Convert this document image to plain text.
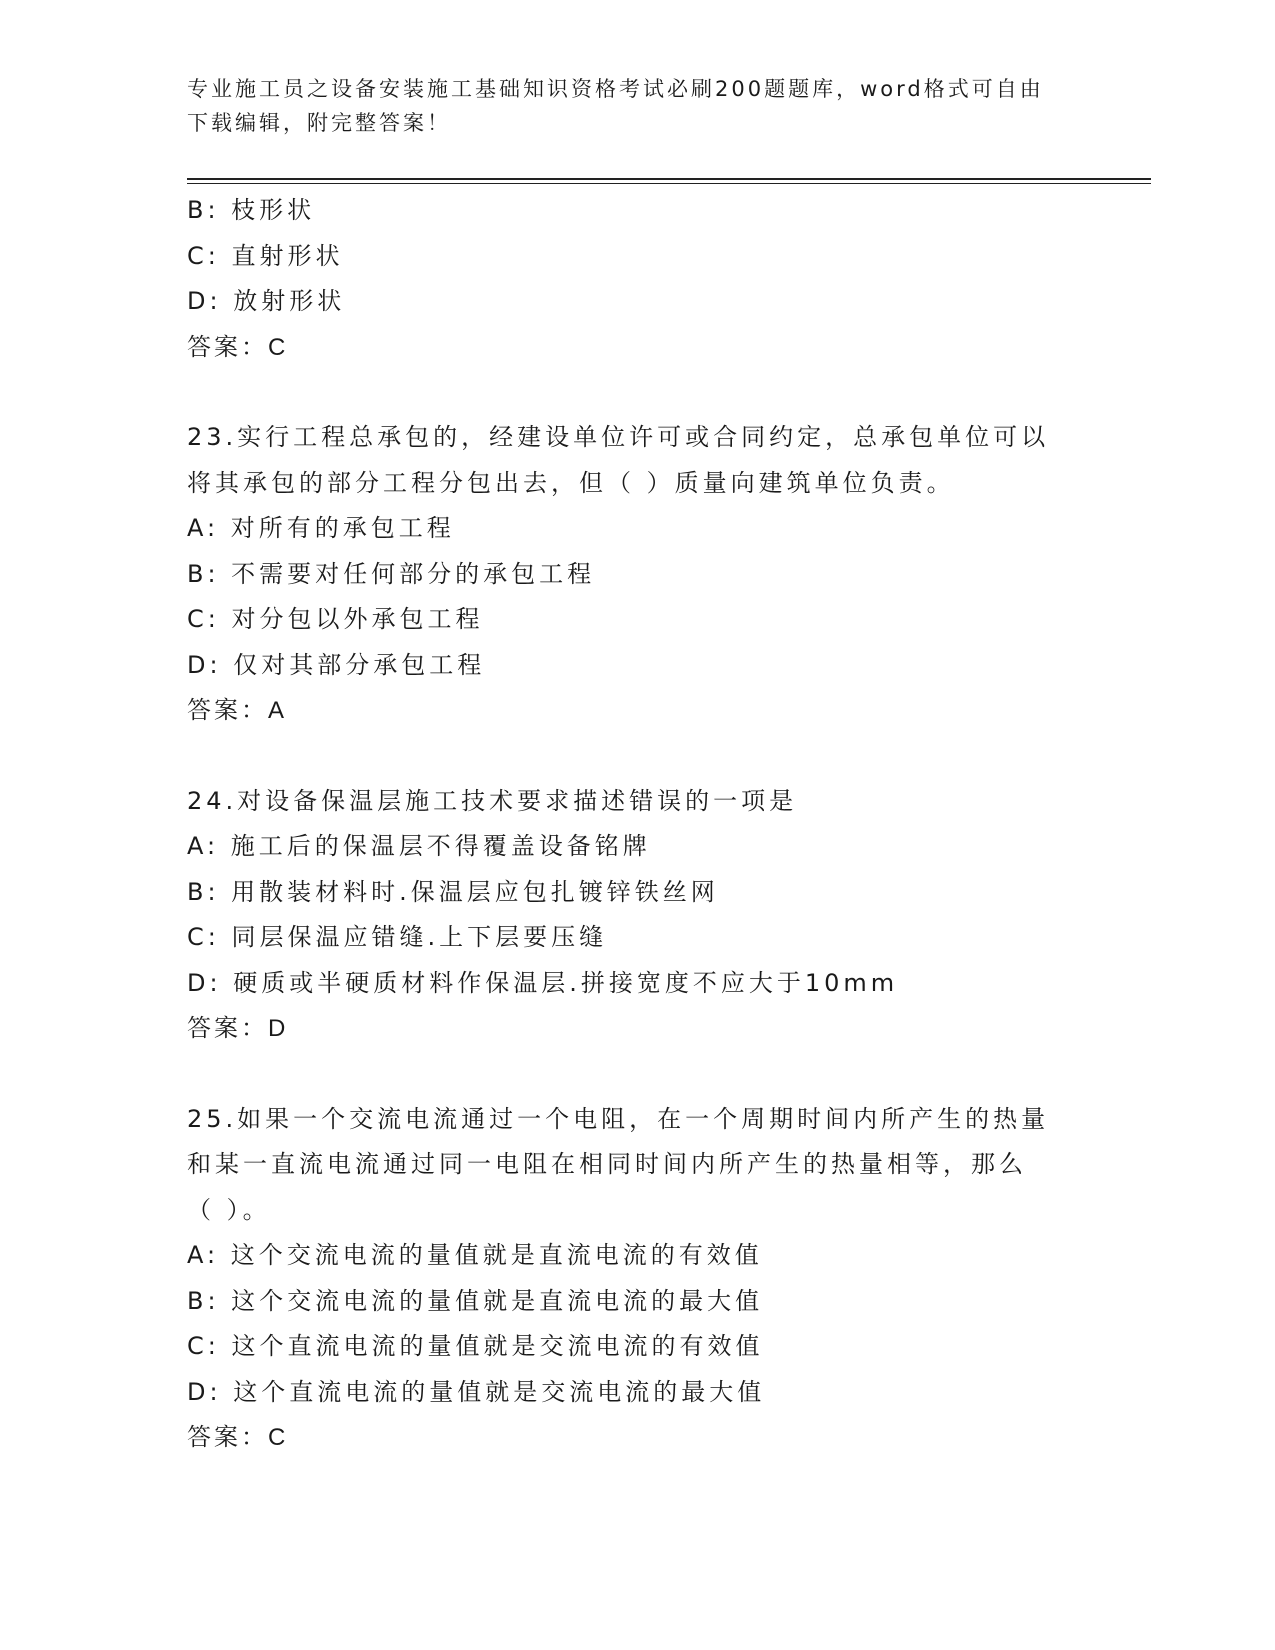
专业施工员之设备安装施工基础知识资格考试必刷200题题库，word格式可自由
下载编辑，附完整答案！
B: 枝形状
C: 直射形状
D: 放射形状
答案：C
23.实行工程总承包的，经建设单位许可或合同约定，总承包单位可以
将其承包的部分工程分包出去，但（ ）质量向建筑单位负责。
A: 对所有的承包工程
B: 不需要对任何部分的承包工程
C: 对分包以外承包工程
D: 仅对其部分承包工程
答案：A
24.对设备保温层施工技术要求描述错误的一项是
A: 施工后的保温层不得覆盖设备铭牌
B: 用散装材料时.保温层应包扎镀锌铁丝网
C: 同层保温应错缝.上下层要压缝
D: 硬质或半硬质材料作保温层.拼接宽度不应大于10mm
答案：D
25.如果一个交流电流通过一个电阻，在一个周期时间内所产生的热量
和某一直流电流通过同一电阻在相同时间内所产生的热量相等，那么
（ ）。
A: 这个交流电流的量值就是直流电流的有效值
B: 这个交流电流的量值就是直流电流的最大值
C: 这个直流电流的量值就是交流电流的有效值
D: 这个直流电流的量值就是交流电流的最大值
答案：C
